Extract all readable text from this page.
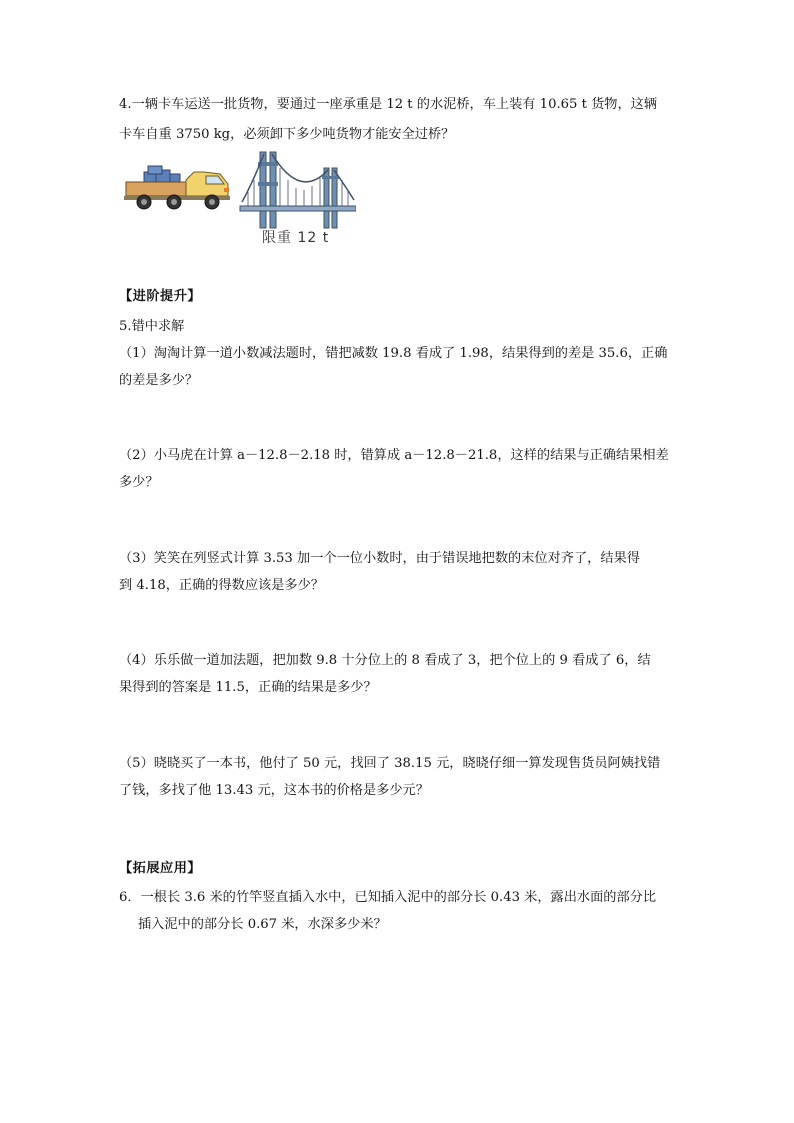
4.一辆卡车运送一批货物，要通过一座承重是 12 t 的水泥桥，车上装有 10.65 t 货物，这辆
卡车自重 3750 kg，必须卸下多少吨货物才能安全过桥？
限重 12 t
【进阶提升】
5.错中求解
（1）淘淘计算一道小数减法题时，错把减数 19.8 看成了 1.98，结果得到的差是 35.6，正确
的差是多少？
（2）小马虎在计算 a－12.8－2.18 时，错算成 a－12.8－21.8，这样的结果与正确结果相差
多少？
（3）笑笑在列竖式计算 3.53 加一个一位小数时，由于错误地把数的末位对齐了，结果得
到 4.18，正确的得数应该是多少？
（4）乐乐做一道加法题，把加数 9.8 十分位上的 8 看成了 3，把个位上的 9 看成了 6，结
果得到的答案是 11.5，正确的结果是多少？
（5）晓晓买了一本书，他付了 50 元，找回了 38.15 元，晓晓仔细一算发现售货员阿姨找错
了钱，多找了他 13.43 元，这本书的价格是多少元？
【拓展应用】
6．一根长 3.6 米的竹竿竖直插入水中，已知插入泥中的部分长 0.43 米，露出水面的部分比
插入泥中的部分长 0.67 米，水深多少米？
